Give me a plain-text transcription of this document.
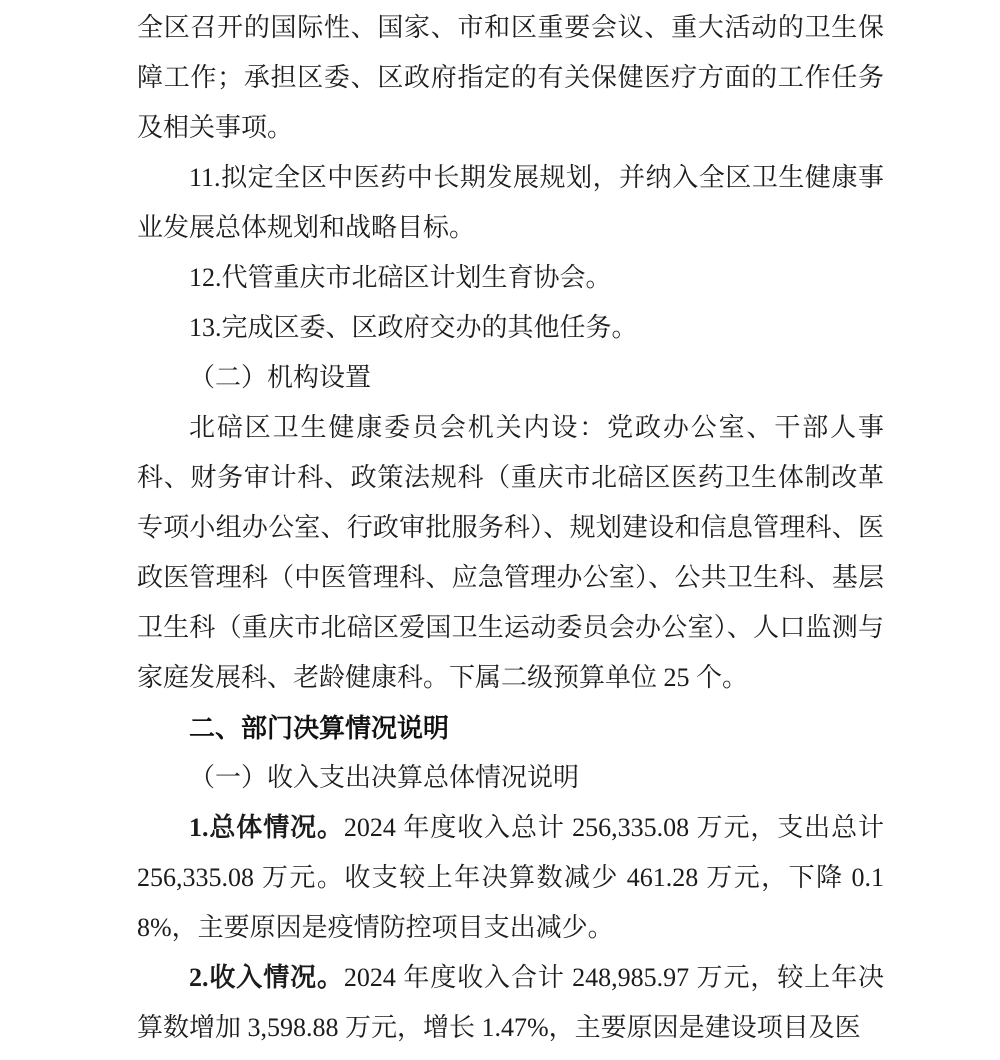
全区召开的国际性、国家、市和区重要会议、重大活动的卫生保障工作；承担区委、区政府指定的有关保健医疗方面的工作任务及相关事项。

11.拟定全区中医药中长期发展规划，并纳入全区卫生健康事业发展总体规划和战略目标。

12.代管重庆市北碚区计划生育协会。

13.完成区委、区政府交办的其他任务。

（二）机构设置

北碚区卫生健康委员会机关内设：党政办公室、干部人事科、财务审计科、政策法规科（重庆市北碚区医药卫生体制改革专项小组办公室、行政审批服务科）、规划建设和信息管理科、医政医管理科（中医管理科、应急管理办公室）、公共卫生科、基层卫生科（重庆市北碚区爱国卫生运动委员会办公室）、人口监测与家庭发展科、老龄健康科。下属二级预算单位 25 个。

二、部门决算情况说明

（一）收入支出决算总体情况说明

1.总体情况。2024 年度收入总计 256,335.08 万元，支出总计 256,335.08 万元。收支较上年决算数减少 461.28 万元，下降 0.18%，主要原因是疫情防控项目支出减少。

2.收入情况。2024 年度收入合计 248,985.97 万元，较上年决算数增加 3,598.88 万元，增长 1.47%，主要原因是建设项目及医
